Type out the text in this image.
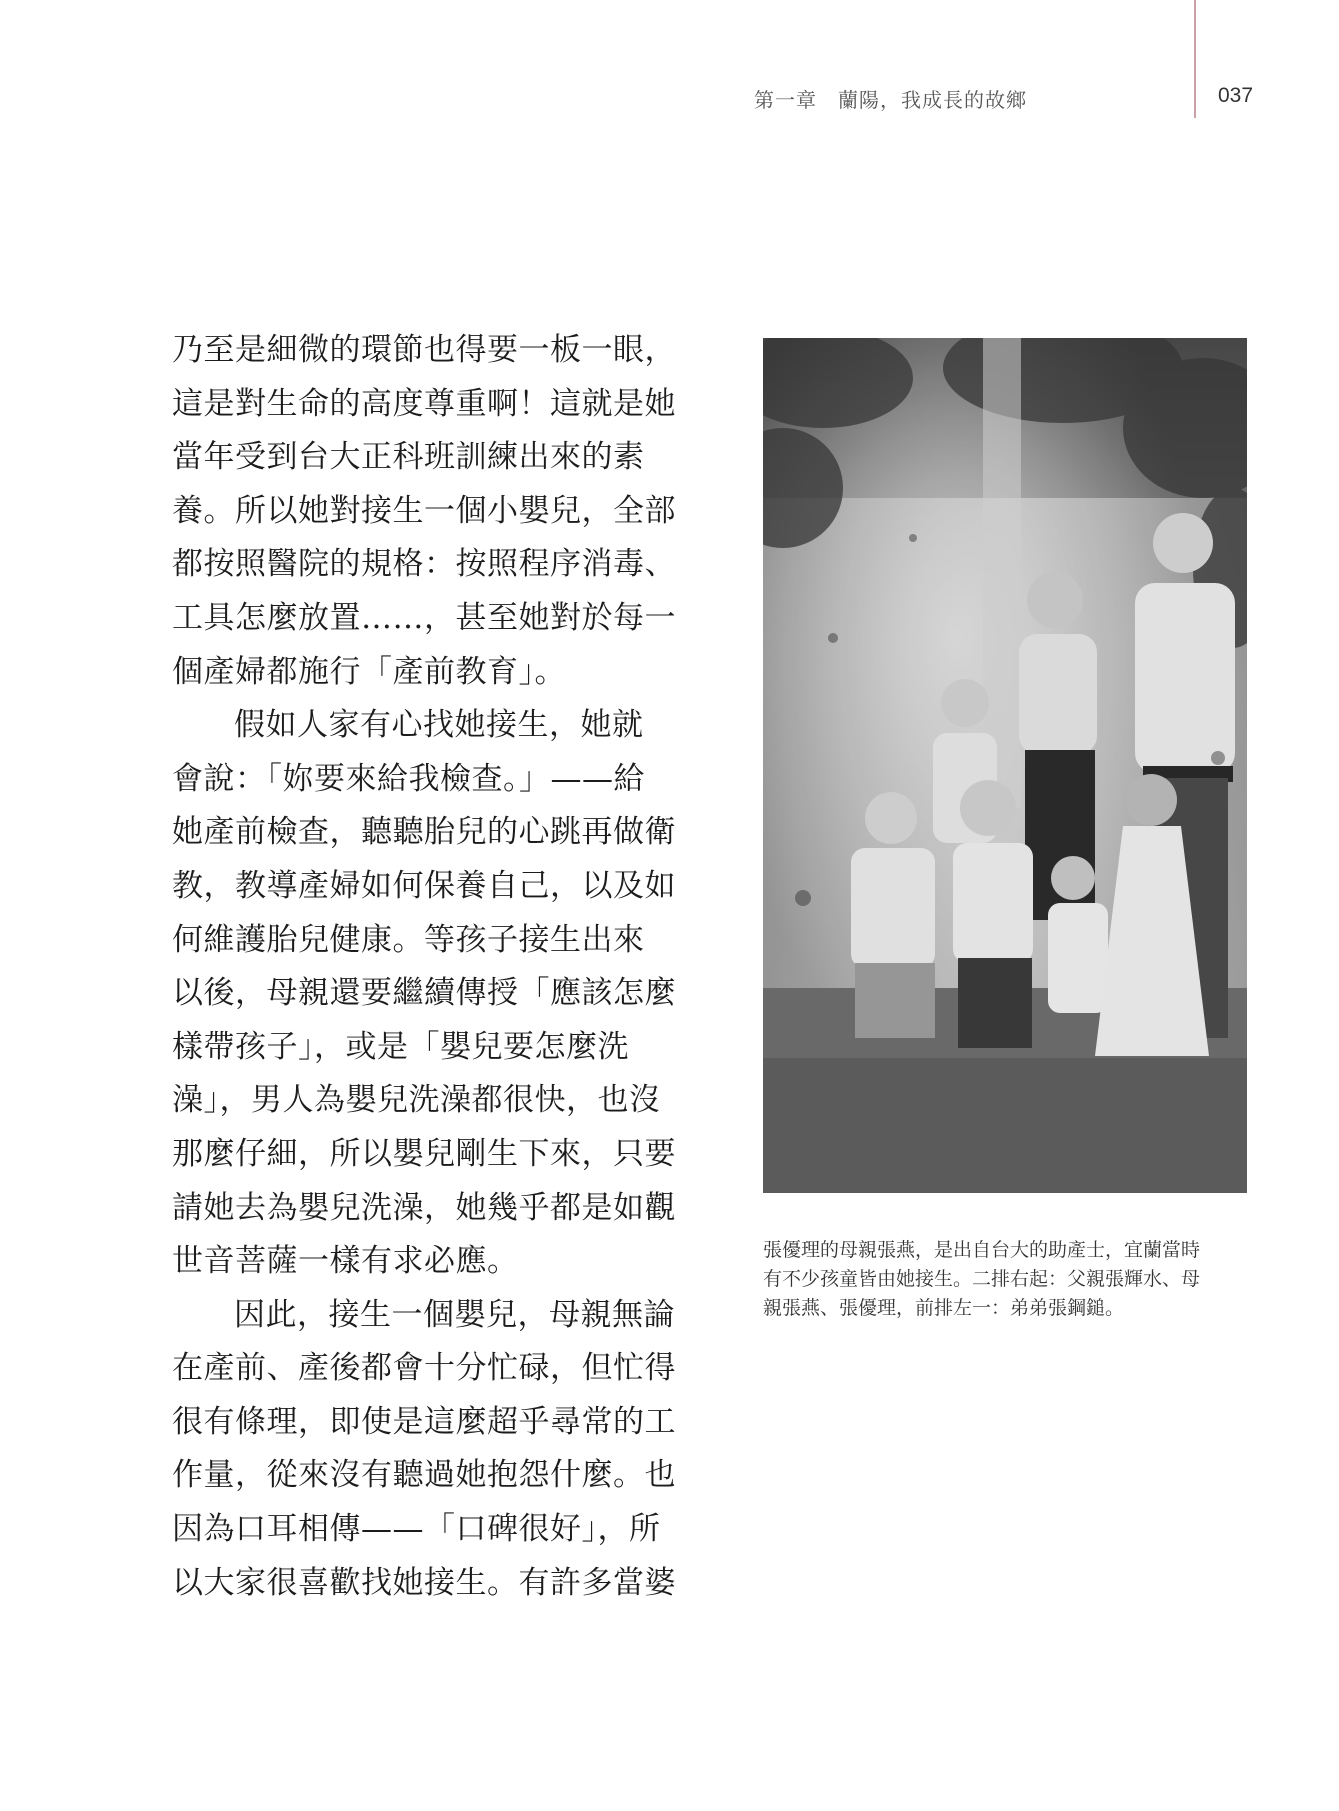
第一章　蘭陽，我成長的故鄉	037
乃至是細微的環節也得要一板一眼，
這是對生命的高度尊重啊！這就是她
當年受到台大正科班訓練出來的素
養。所以她對接生一個小嬰兒，全部
都按照醫院的規格：按照程序消毒、
工具怎麼放置……，甚至她對於每一
個產婦都施行「產前教育」。
假如人家有心找她接生，她就
會說：「妳要來給我檢查。」——給
她產前檢查，聽聽胎兒的心跳再做衛
教，教導產婦如何保養自己，以及如
何維護胎兒健康。等孩子接生出來
以後，母親還要繼續傳授「應該怎麼
樣帶孩子」，或是「嬰兒要怎麼洗
澡」，男人為嬰兒洗澡都很快，也沒
那麼仔細，所以嬰兒剛生下來，只要
請她去為嬰兒洗澡，她幾乎都是如觀
世音菩薩一樣有求必應。
因此，接生一個嬰兒，母親無論
在產前、產後都會十分忙碌，但忙得
很有條理，即使是這麼超乎尋常的工
作量，從來沒有聽過她抱怨什麼。也
因為口耳相傳——「口碑很好」，所
以大家很喜歡找她接生。有許多當婆
張優理的母親張燕，是出自台大的助產士，宜蘭當時
有不少孩童皆由她接生。二排右起：父親張輝水、母
親張燕、張優理，前排左一：弟弟張鋼鎚。
